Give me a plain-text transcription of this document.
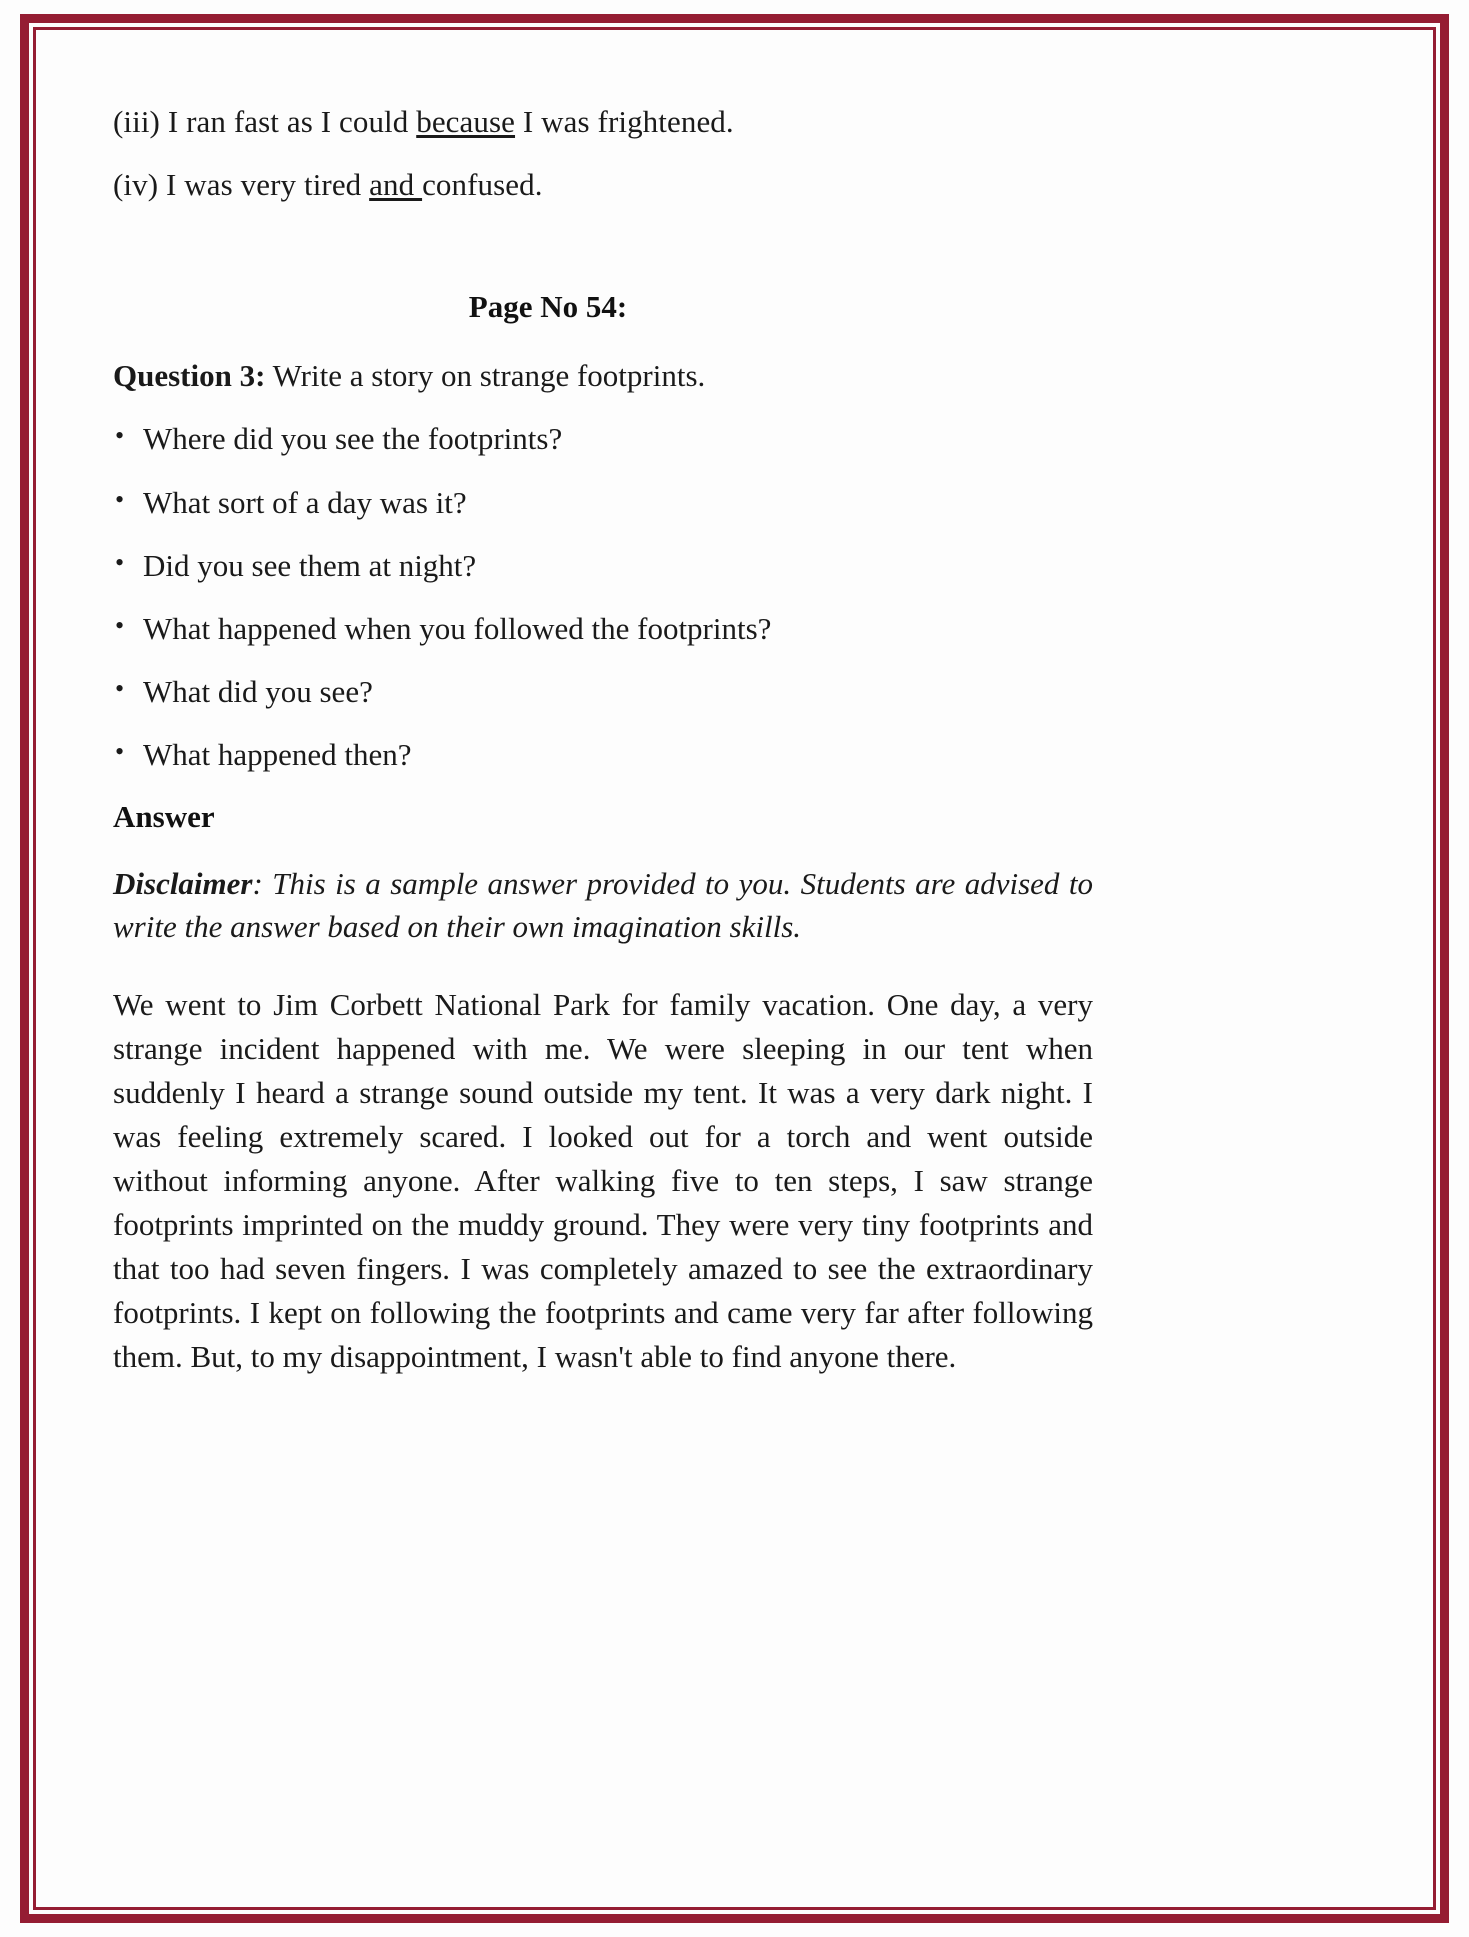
(iii) I ran fast as I could because I was frightened.

(iv) I was very tired and confused.

Page No 54:

Question 3: Write a story on strange footprints.

• Where did you see the footprints?
• What sort of a day was it?
• Did you see them at night?
• What happened when you followed the footprints?
• What did you see?
• What happened then?
Answer

Disclaimer: This is a sample answer provided to you. Students are advised to write the answer based on their own imagination skills.

We went to Jim Corbett National Park for family vacation. One day, a very strange incident happened with me. We were sleeping in our tent when suddenly I heard a strange sound outside my tent. It was a very dark night. I was feeling extremely scared. I looked out for a torch and went outside without informing anyone. After walking five to ten steps, I saw strange footprints imprinted on the muddy ground. They were very tiny footprints and that too had seven fingers. I was completely amazed to see the extraordinary footprints. I kept on following the footprints and came very far after following them. But, to my disappointment, I wasn't able to find anyone there.
